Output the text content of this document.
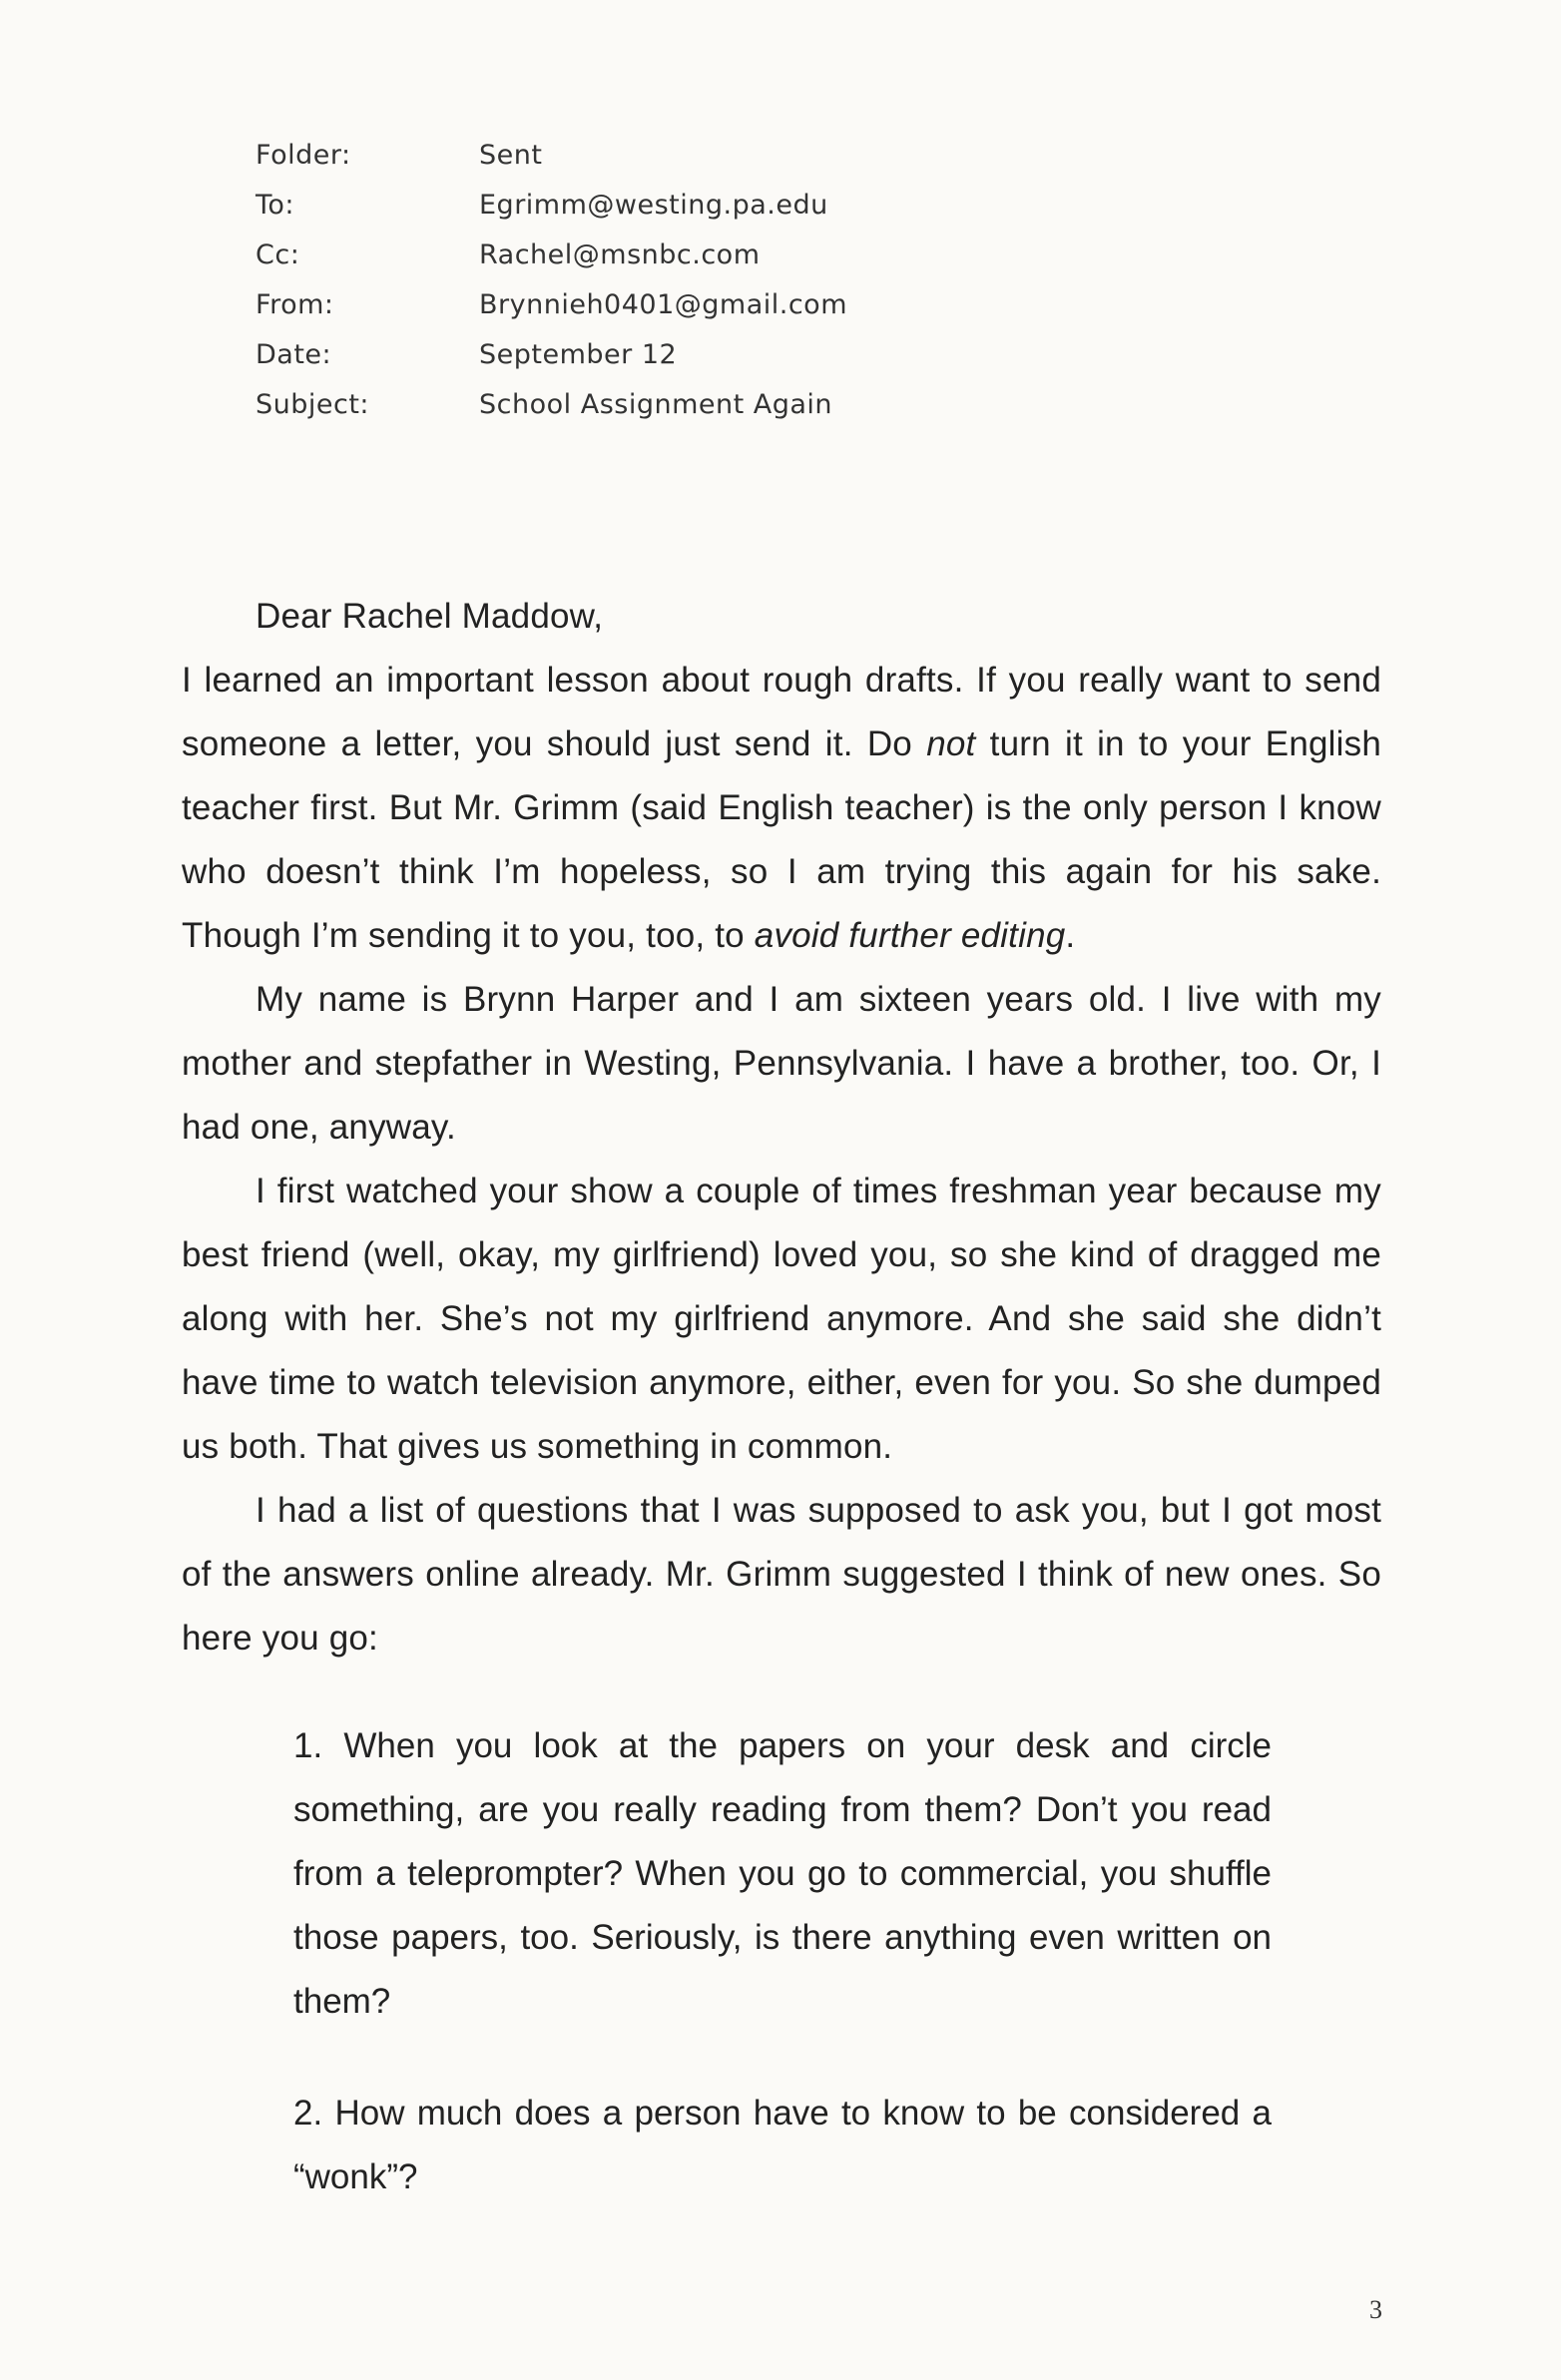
Folder:	Sent
To:	Egrimm@westing.pa.edu
Cc:	Rachel@msnbc.com
From:	Brynnieh0401@gmail.com
Date:	September 12
Subject:	School Assignment Again

Dear Rachel Maddow,

I learned an important lesson about rough drafts. If you really want to send someone a letter, you should just send it. Do not turn it in to your English teacher first. But Mr. Grimm (said English teacher) is the only person I know who doesn’t think I’m hopeless, so I am trying this again for his sake. Though I’m sending it to you, too, to avoid further editing.

My name is Brynn Harper and I am sixteen years old. I live with my mother and stepfather in Westing, Pennsylvania. I have a brother, too. Or, I had one, anyway.

I first watched your show a couple of times freshman year because my best friend (well, okay, my girlfriend) loved you, so she kind of dragged me along with her. She’s not my girlfriend anymore. And she said she didn’t have time to watch television anymore, either, even for you. So she dumped us both. That gives us something in common.

I had a list of questions that I was supposed to ask you, but I got most of the answers online already. Mr. Grimm suggested I think of new ones. So here you go:

1. When you look at the papers on your desk and circle something, are you really reading from them? Don’t you read from a teleprompter? When you go to commercial, you shuffle those papers, too. Seriously, is there anything even written on them?

2. How much does a person have to know to be considered a “wonk”?

3
